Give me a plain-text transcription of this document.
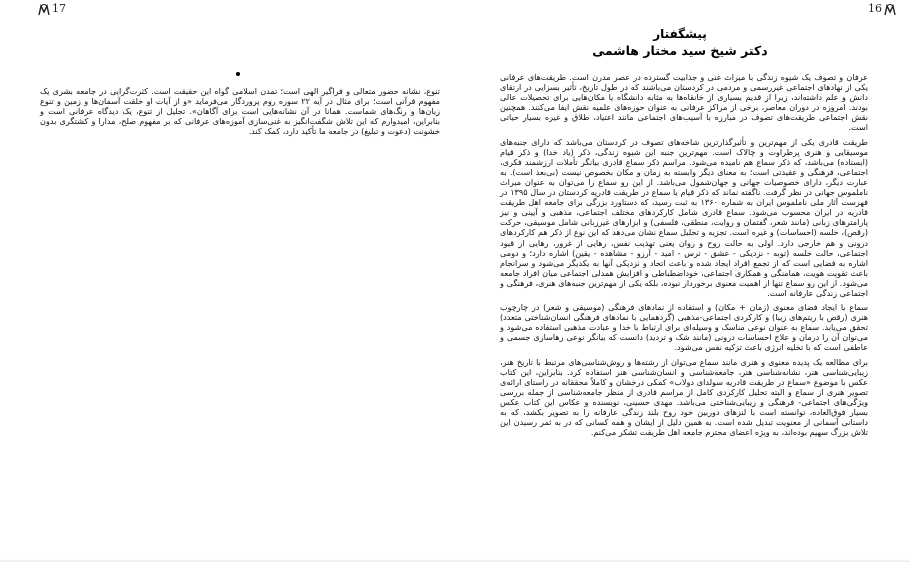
17

تنوع، نشانه حضور متعالی و فراگیر الهی است؛ تمدن اسلامی گواه این حقیقت است. کثرت‌گرایی در جامعه بشری یک مفهوم قرآنی است؛ برای مثال در آیه ۲۲ سوره روم پروردگار می‌فرماید «و از آیات او خلقت آسمان‌ها و زمین و تنوع زبان‌ها و رنگ‌های شماست. همانا در آن نشانه‌هایی است برای آگاهان». تجلیل از تنوع، یک دیدگاه عرفانی است و بنابراین، امیدوارم که این تلاش شگفت‌انگیز به غنی‌سازی آموزه‌های عرفانی که بر مفهوم صلح، مدارا و کشتگری بدون خشونت (دعوت و تبلیغ) در جامعه ما تأکید دارد، کمک کند.

16
پیشگفتار
دکتر شیخ سید مختار هاشمی

عرفان و تصوف یک شیوه زندگی با میراث غنی و جذابیت گسترده در عصر مدرن است. طریقت‌های عرفانی یکی از نهادهای اجتماعی غیررسمی و مردمی در کردستان می‌باشند که در طول تاریخ، تأثیر بسزایی در ارتقای دانش و علم داشته‌اند، زیرا از قدیم بسیاری از خانقاه‌ها به مثابه دانشگاه یا مکان‌هایی برای تحصیلات عالی بودند. امروزه در دوران معاصر، برخی از مراکز عرفانی به عنوان حوزه‌های علمیه نقش ایفا می‌کنند. همچنین نقش اجتماعی طریقت‌های تصوف در مبارزه با آسیب‌های اجتماعی مانند اعتیاد، طلاق و غیره بسیار حیاتی است.

طریقت قادری یکی از مهم‌ترین و تأثیرگذارترین شاخه‌های تصوف در کردستان می‌باشد که دارای جنبه‌های موسیقایی و هنری پرطراوت و چالاک است. مهم‌ترین جنبه این شیوه زندگی، ذکر (یاد خدا) و ذکر قیام (ایستاده) می‌باشد، که ذکر سماع هم نامیده می‌شود. مراسم ذکر سماع قادری بیانگر تأملات ارزشمند فکری، اجتماعی، فرهنگی و عقیدتی است؛ به معنای دیگر وابسته به زمان و مکان بخصوص نیست (بی‌بعد است). به عبارت دیگر، دارای خصوصیات جهانی و جهان‌شمول می‌باشد. از این رو سماع را می‌توان به عنوان میراث ناملموس جهانی در نظر گرفت. ناگفته نماند که ذکر قیام یا سماع در طریقت قادریه کردستان در سال ۱۳۹۵ در فهرست آثار ملی ناملموس ایران به شماره ۱۳۶۰ به ثبت رسید، که دستاورد بزرگی برای جامعه اهل طریقت قادریه در ایران محسوب می‌شود. سماع قادری شامل کارکردهای مختلف اجتماعی، مذهبی و آیینی و نیز پارامترهای زبانی (مانند شعر، گفتمان و روایت، منطقی، فلسفی) و ابزارهای غیرزبانی شامل موسیقی، حرکت (رقص)، خلسه (احساسات) و غیره است. تجزیه و تحلیل سماع نشان می‌دهد که این نوع از ذکر هم کارکردهای درونی و هم خارجی دارد. اولی به حالت روح و روان یعنی تهذیب نفس، رهایی از غرور، رهایی از قیود اجتماعی، حالت خلسه (توبه - نزدیکی - عشق - ترس - امید - آرزو - مشاهده - یقین) اشاره دارد؛ و دومی اشاره به فضایی است که از تجمع افراد ایجاد شده و باعث اتحاد و نزدیکی آنها به یکدیگر می‌شود و سرانجام باعث تقویت هویت، همامنگی و همکاری اجتماعی، خوداضطباطی و افزایش همدلی اجتماعی میان افراد جامعه می‌شود. از این رو سماع تنها از اهمیت معنوی برخوردار نبوده، بلکه یکی از مهم‌ترین جنبه‌های هنری، فرهنگی و اجتماعی زندگی عارفانه است.

سماع با ایجاد فضای معنوی (زمان + مکان) و استفاده از نمادهای فرهنگی (موسیقی و شعر) در چارچوب هنری (رقص با ریتم‌های زیبا) و کارکردی اجتماعی-مذهبی (گردهمایی با نمادهای فرهنگی انسان‌شناختی متعدد) تحقق می‌یابد. سماع به عنوان نوعی مناسک و وسیله‌ای برای ارتباط با خدا و عبادت مذهبی استفاده می‌شود و می‌توان آن را درمان و علاج احساسات درونی (مانند شک و تردید) دانست که بیانگر نوعی رهاسازی جسمی و عاطفی است که با تخلیه انرژی باعث تزکیه نفس می‌شود.

برای مطالعه یک پدیده معنوی و هنری مانند سماع می‌توان از رشته‌ها و روش‌شناسی‌های مرتبط با تاریخ هنر، زیبایی‌شناسی هنر، نشانه‌شناسی هنر، جامعه‌شناسی و انسان‌شناسی هنر استفاده کرد. بنابراین، این کتاب عکس با موضوع «سماع در طریقت قادریه سولدای دولاب» کمکی درخشان و کاملاً محققانه در راستای ارائه‌ی تصویر هنری از سماع و البته تحلیل کارکردی کامل از مراسم قادری از منظر جامعه‌شناسی از جمله بررسی ویژگی‌های اجتماعی- فرهنگی و زیبایی‌شناختی می‌باشد. مهدی حسینی، نویسنده و عکاس این کتاب عکس بسیار فوق‌العاده، توانسته است با لنزهای دوربین خود روح بلند زندگی عارفانه را به تصویر بکشد، که به داستانی آسمانی از معنویت تبدیل شده است. به همین دلیل از ایشان و همه کسانی که در به ثمر رسیدن این تلاش بزرگ سهیم بوده‌اند، به ویژه اعضای محترم جامعه اهل طریقت تشکر می‌کنم.
